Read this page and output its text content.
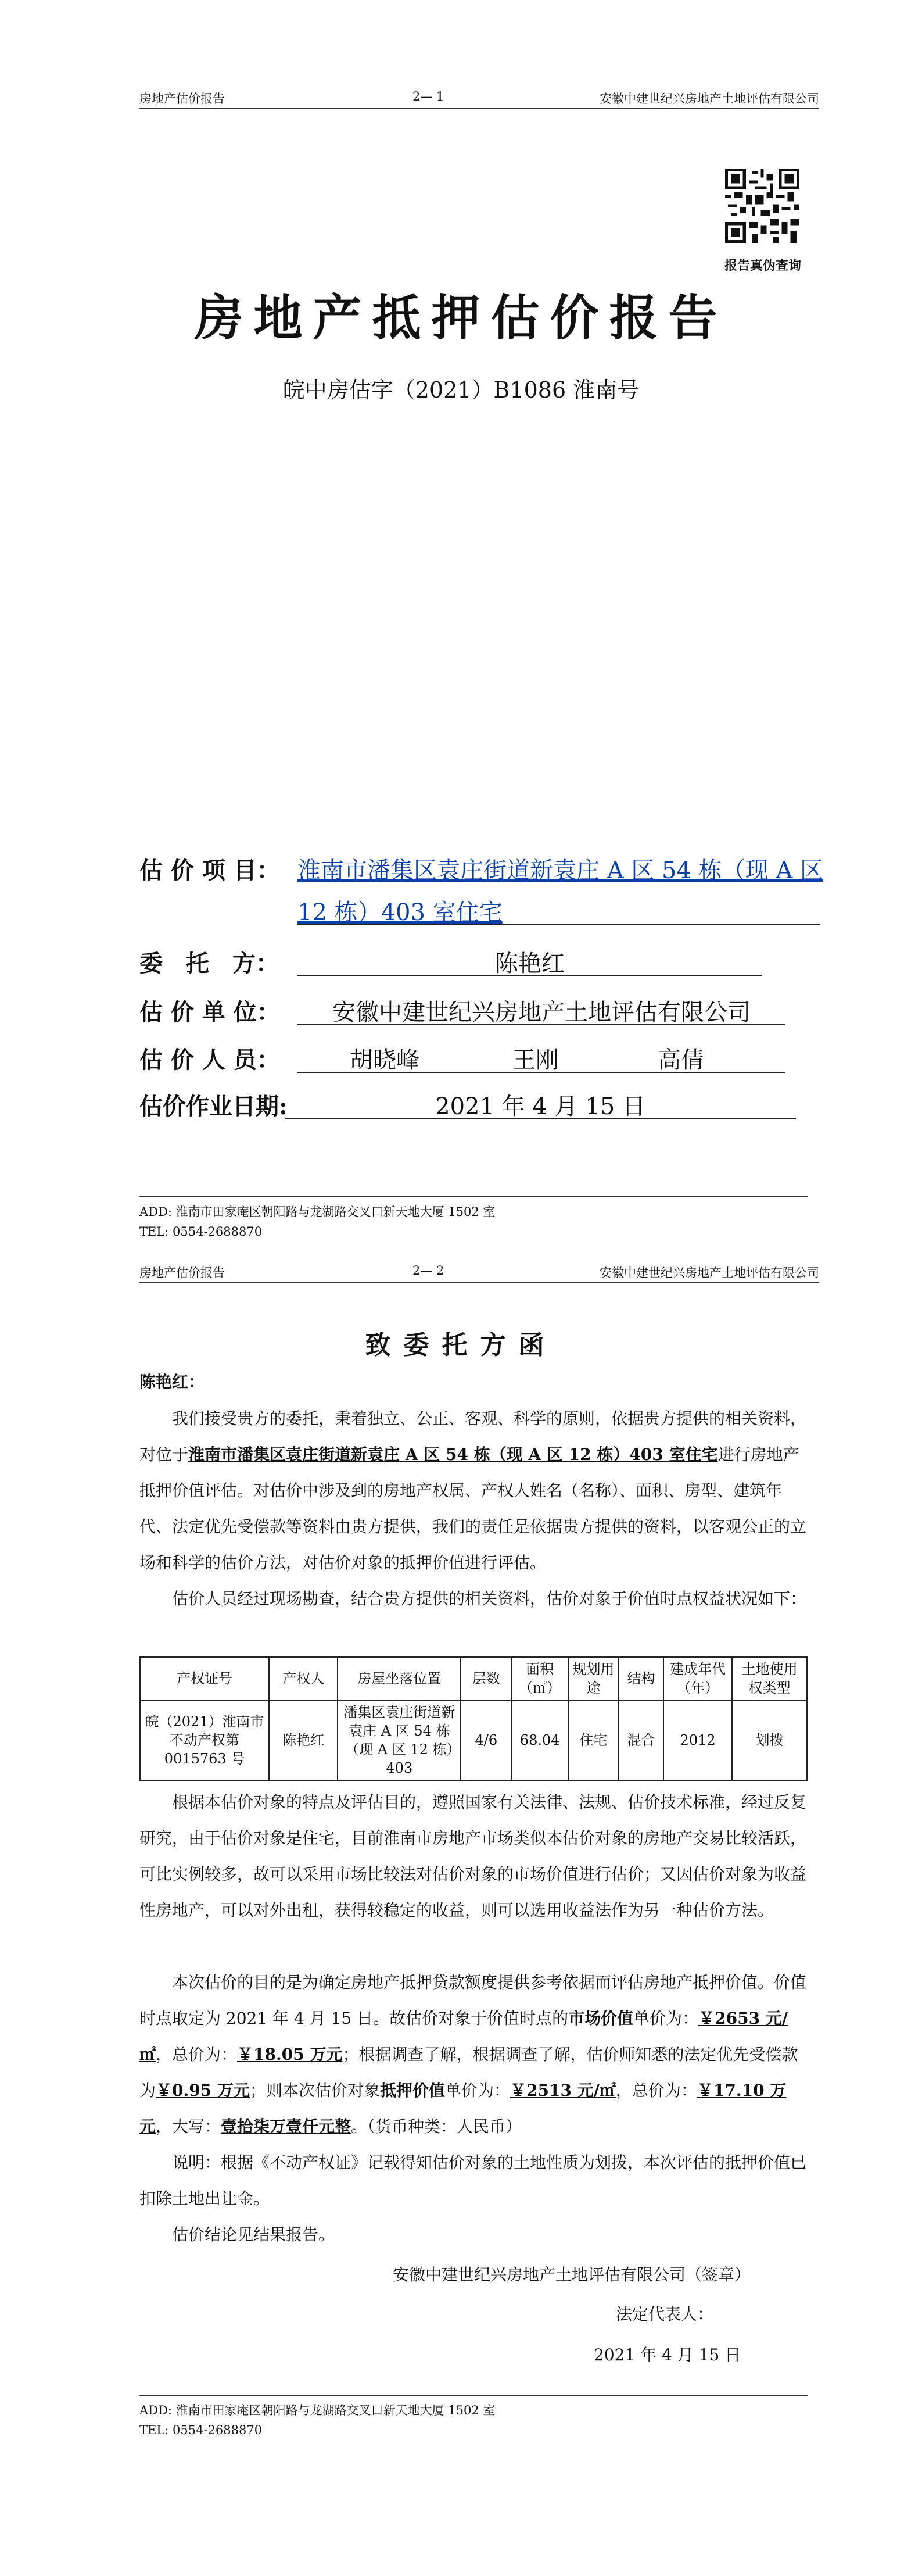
房地产估价报告	2— 1	安徽中建世纪兴房地产土地评估有限公司
报告真伪查询
房地产抵押估价报告
皖中房估字（2021）B1086 淮南号
估 价 项 目： 淮南市潘集区袁庄街道新袁庄 A 区 54 栋（现 A 区
12 栋）403 室住宅
委　托　方：	陈艳红
估 价 单 位：	安徽中建世纪兴房地产土地评估有限公司
估 价 人 员：	胡晓峰	王刚	高倩
估价作业日期:	2021 年 4 月 15 日
ADD: 淮南市田家庵区朝阳路与龙湖路交叉口新天地大厦 1502 室
TEL: 0554-2688870
房地产估价报告	2— 2	安徽中建世纪兴房地产土地评估有限公司
致委托方函
陈艳红：
我们接受贵方的委托，秉着独立、公正、客观、科学的原则，依据贵方提供的相关资料，对位于淮南市潘集区袁庄街道新袁庄 A 区 54 栋（现 A 区 12 栋）403 室住宅进行房地产抵押价值评估。对估价中涉及到的房地产权属、产权人姓名（名称）、面积、房型、建筑年代、法定优先受偿款等资料由贵方提供，我们的责任是依据贵方提供的资料，以客观公正的立场和科学的估价方法，对估价对象的抵押价值进行评估。
估价人员经过现场勘查，结合贵方提供的相关资料，估价对象于价值时点权益状况如下：
产权证号	产权人	房屋坐落位置	层数	面积（㎡）	规划用途	结构	建成年代（年）	土地使用权类型
皖（2021）淮南市不动产权第0015763 号	陈艳红	潘集区袁庄街道新袁庄 A 区 54 栋（现 A 区 12 栋）403	4/6	68.04	住宅	混合	2012	划拨
根据本估价对象的特点及评估目的，遵照国家有关法律、法规、估价技术标准，经过反复研究，由于估价对象是住宅，目前淮南市房地产市场类似本估价对象的房地产交易比较活跃，可比实例较多，故可以采用市场比较法对估价对象的市场价值进行估价；又因估价对象为收益性房地产，可以对外出租，获得较稳定的收益，则可以选用收益法作为另一种估价方法。
本次估价的目的是为确定房地产抵押贷款额度提供参考依据而评估房地产抵押价值。价值时点取定为 2021 年 4 月 15 日。故估价对象于价值时点的市场价值单价为：￥2653 元/㎡，总价为：￥18.05 万元；根据调查了解，根据调查了解，估价师知悉的法定优先受偿款为￥0.95 万元；则本次估价对象抵押价值单价为：￥2513 元/㎡，总价为：￥17.10 万元，大写：壹拾柒万壹仟元整。（货币种类：人民币）
说明：根据《不动产权证》记载得知估价对象的土地性质为划拨，本次评估的抵押价值已扣除土地出让金。
估价结论见结果报告。
安徽中建世纪兴房地产土地评估有限公司（签章）
法定代表人：
2021 年 4 月 15 日
ADD: 淮南市田家庵区朝阳路与龙湖路交叉口新天地大厦 1502 室
TEL: 0554-2688870
